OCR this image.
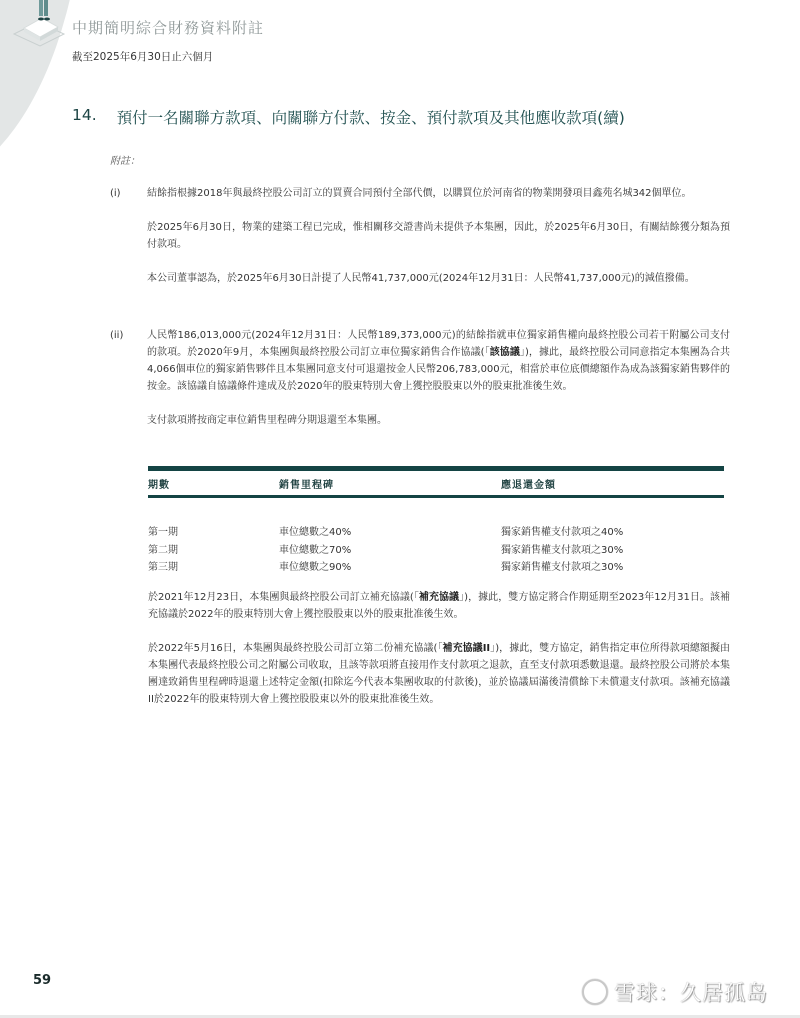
中期簡明綜合財務資料附註
截至2025年6月30日止六個月
14. 預付一名關聯方款項、向關聯方付款、按金、預付款項及其他應收款項(續)
附註：
(i)	結餘指根據2018年與最終控股公司訂立的買賣合同預付全部代價，以購買位於河南省的物業開發項目鑫苑名城342個單位。
於2025年6月30日，物業的建築工程已完成，惟相關移交證書尚未提供予本集團，因此，於2025年6月30日，有關結餘獲分類為預付款項。
本公司董事認為，於2025年6月30日計提了人民幣41,737,000元(2024年12月31日：人民幣41,737,000元)的減值撥備。
(ii)	人民幣186,013,000元(2024年12月31日：人民幣189,373,000元)的結餘指就車位獨家銷售權向最終控股公司若干附屬公司支付的款項。於2020年9月，本集團與最終控股公司訂立車位獨家銷售合作協議(「該協議」)，據此，最終控股公司同意指定本集團為合共4,066個車位的獨家銷售夥伴且本集團同意支付可退還按金人民幣206,783,000元，相當於車位底價總額作為成為該獨家銷售夥伴的按金。該協議自協議條件達成及於2020年的股東特別大會上獲控股股東以外的股東批准後生效。
支付款項將按商定車位銷售里程碑分期退還至本集團。
期數	銷售里程碑	應退還金額
第一期	車位總數之40%	獨家銷售權支付款項之40%
第二期	車位總數之70%	獨家銷售權支付款項之30%
第三期	車位總數之90%	獨家銷售權支付款項之30%
於2021年12月23日，本集團與最終控股公司訂立補充協議(「補充協議」)，據此，雙方協定將合作期延期至2023年12月31日。該補充協議於2022年的股東特別大會上獲控股股東以外的股東批准後生效。
於2022年5月16日，本集團與最終控股公司訂立第二份補充協議(「補充協議II」)，據此，雙方協定，銷售指定車位所得款項總額擬由本集團代表最終控股公司之附屬公司收取，且該等款項將直接用作支付款項之退款，直至支付款項悉數退還。最終控股公司將於本集團達致銷售里程碑時退還上述特定金額(扣除迄今代表本集團收取的付款後)，並於協議屆滿後清償餘下未償還支付款項。該補充協議II於2022年的股東特別大會上獲控股股東以外的股東批准後生效。
59
雪球：久居孤岛
